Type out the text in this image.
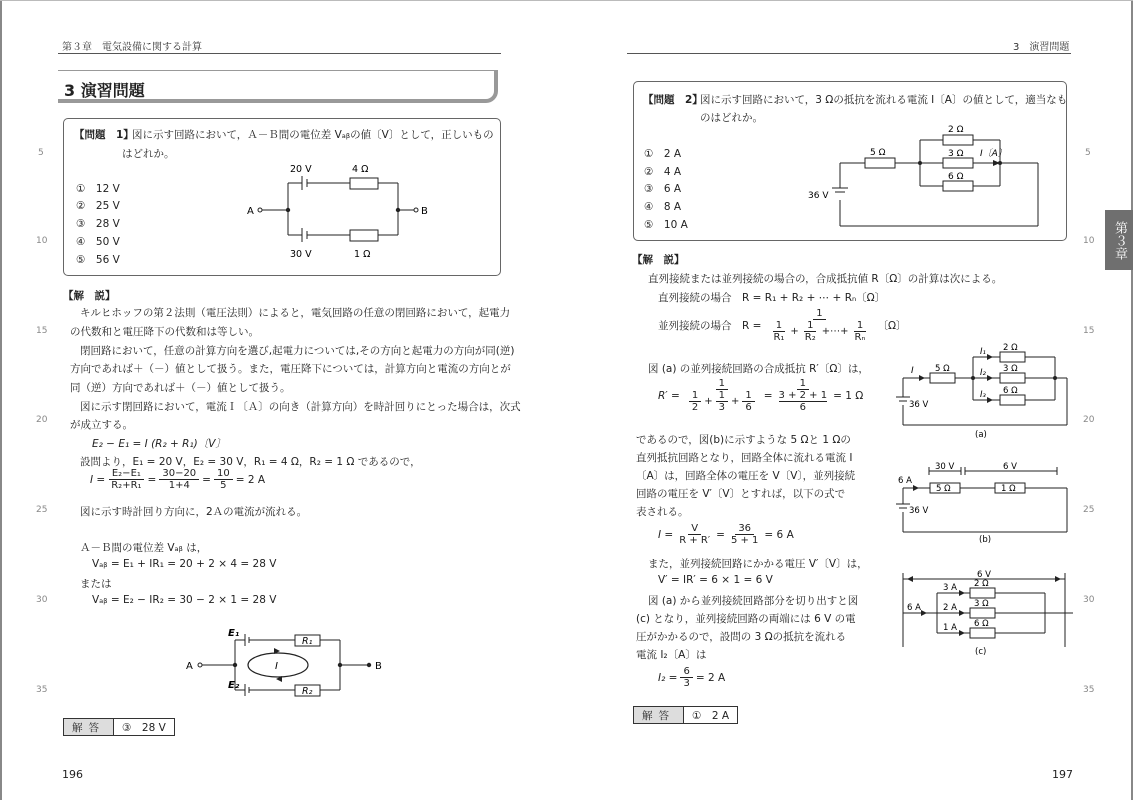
第３章　電気設備に関する計算
3 演習問題
【問題　1】
図に示す回路において，Ａ－Ｂ間の電位差 Vₐᵦの値〔V〕として，正しいもの
はどれか。
①　12 V
②　25 V
③　28 V
④　50 V
⑤　56 V
20 V	4 Ω
30 V	1 Ω
A	B
【解　説】
キルヒホッフの第２法則（電圧法則）によると，電気回路の任意の閉回路において，起電力
の代数和と電圧降下の代数和は等しい。
閉回路において，任意の計算方向を選び,起電力については,その方向と起電力の方向が同(逆)
方向であれば＋（－）値として扱う。また，電圧降下については，計算方向と電流の方向とが
同（逆）方向であれば＋（－）値として扱う。
図に示す閉回路において，電流Ｉ〔Ａ〕の向き（計算方向）を時計回りにとった場合は，次式
が成立する。
E₂ − E₁ = I (R₂ + R₁)〔V〕
設問より，E₁ = 20 V，E₂ = 30 V，R₁ = 4 Ω，R₂ = 1 Ω であるので，
$I = \frac{\text{E₂−E₁}}{\text{R₂+R₁}} = \frac{30-20}{1+4} = \frac{10}{5} = 2$ A
図に示す時計回り方向に，2Ａの電流が流れる。
Ａ－Ｂ間の電位差 Vₐᵦ は，
Vₐᵦ = E₁ + IR₁ = 20 + 2 × 4 = 28 V
または
Vₐᵦ = E₂ − IR₂ = 30 − 2 × 1 = 28 V
E₁
E₂
R₁
R₂
I
A	B
解答	③　28 V
196
5
10
15
20
25
30
35
3　演習問題
【問題　2】
図に示す回路において，3 Ωの抵抗を流れる電流 I〔A〕の値として，適当なも
のはどれか。
①　2 A
②　4 A
③　6 A
④　8 A
⑤　10 A
5 Ω
2 Ω
3 Ω I〔A〕
6 Ω
36 V
【解　説】
直列接続または並列接続の場合の，合成抵抗値 R〔Ω〕の計算は次による。
直列接続の場合　R = R₁ + R₂ + ⋯ + Rₙ〔Ω〕
並列接続の場合　$R = \frac{1}{\frac{1}{\text{R₁}} + \frac{1}{\text{R₂}} +\cdots+ \frac{1}{\text{Rₙ}}}$ 〔Ω〕
図 (a) の並列接続回路の合成抵抗 R′〔Ω〕は，
$R' = \frac{1}{\frac{1}{2} + \frac{1}{3} + \frac{1}{6}} = 1$
3 + 2 + 1
6 = 1 Ω
であるので，図(b)に示すような 5 Ωと 1 Ωの
直列抵抗回路となり，回路全体に流れる電流 I
〔A〕は，回路全体の電圧を V〔V〕，並列接続
回路の電圧を V′〔V〕とすれば，以下の式で
表される。
$I = \frac{V}{R + R'} = \frac{36}{5 + 1} = 6$ A
また，並列接続回路にかかる電圧 V′〔V〕は，
V′ = IR′ = 6 × 1 = 6 V
図 (a) から並列接続回路部分を切り出すと図
(c) となり，並列接続回路の両端には 6 V の電
圧がかかるので，設問の 3 Ωの抵抗を流れる
電流 I₂〔A〕は
$I_2 = \frac{6}{3} = 2$ A
解答	①　2 A
197
I	5 Ω
I₁
I₂
I₃
2 Ω
3 Ω
6 Ω
36 V
(a)
30 V	6 V
6 A
5 Ω	1 Ω
36 V
(b)
6 V
3 A
2 A
1 A
6 A
2 Ω
3 Ω
6 Ω
(c)
5
10
15
20
25
30
35
第３章
